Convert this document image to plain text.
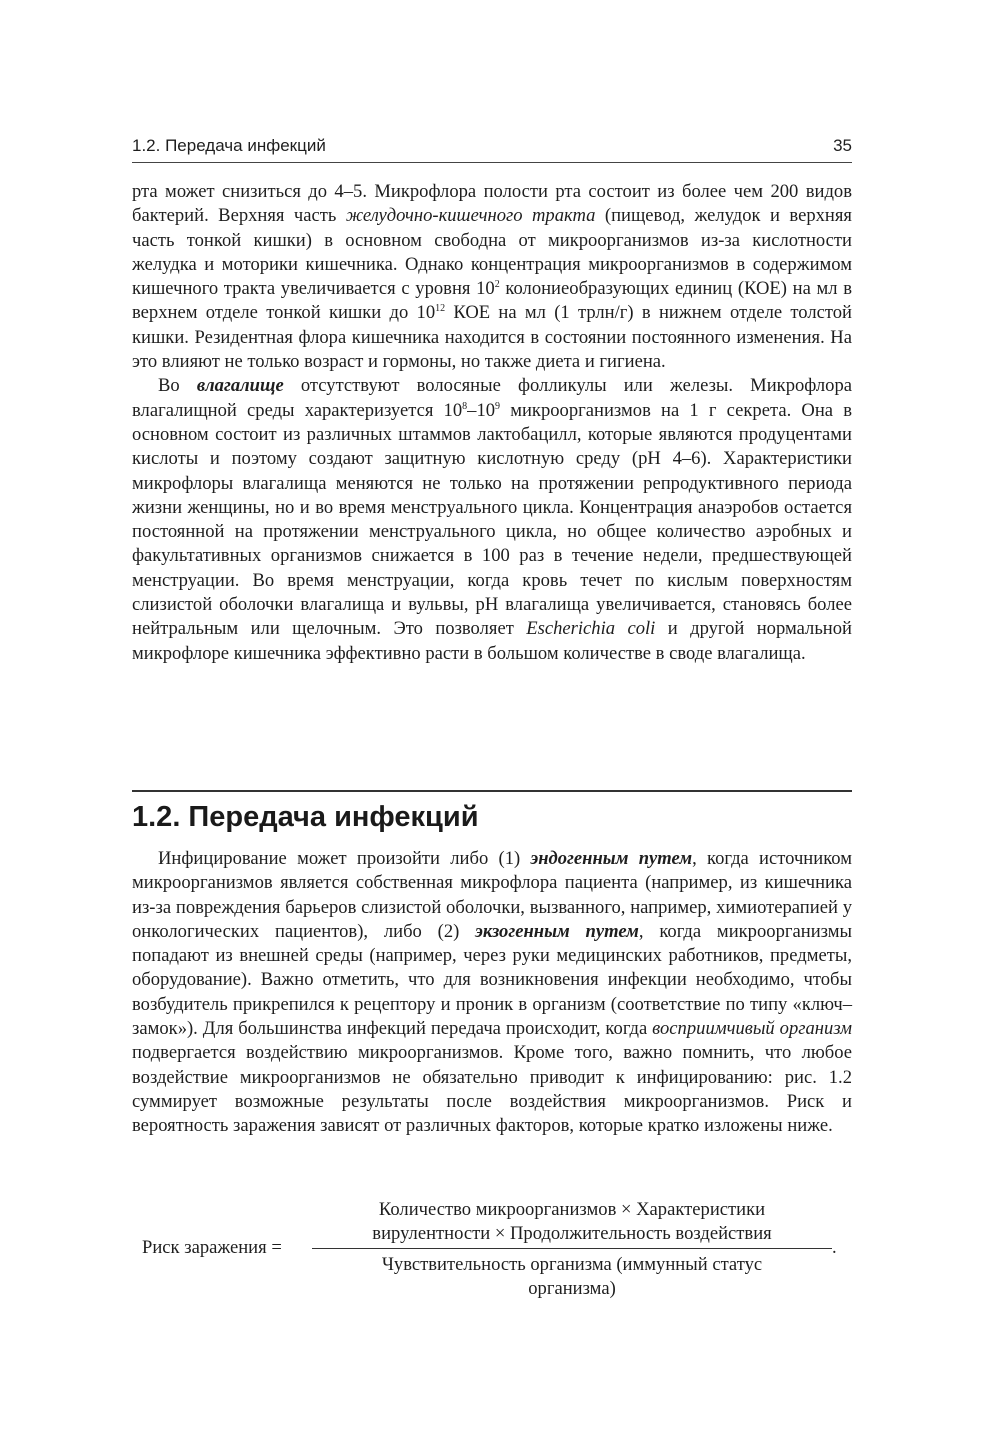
1.2. Передача инфекций	35

рта может снизиться до 4–5. Микрофлора полости рта состоит из более чем 200 видов бактерий. Верхняя часть желудочно-кишечного тракта (пищевод, желудок и верхняя часть тонкой кишки) в основном свободна от микроорганизмов из-за кислотности желудка и моторики кишечника. Однако концентрация микроорганизмов в содержимом кишечного тракта увеличивается с уровня $10^2$ колониеобразующих единиц (КОЕ) на мл в верхнем отделе тонкой кишки до $10^{12}$ КОЕ на мл (1 трлн/г) в нижнем отделе толстой кишки. Резидентная флора кишечника находится в состоянии постоянного изменения. На это влияют не только возраст и гормоны, но также диета и гигиена.

Во влагалище отсутствуют волосяные фолликулы или железы. Микрофлора влагалищной среды характеризуется $10^8-10^9$ микроорганизмов на 1 г секрета. Она в основном состоит из различных штаммов лактобацилл, которые являются продуцентами кислоты и поэтому создают защитную кислотную среду (pH 4–6). Характеристики микрофлоры влагалища меняются не только на протяжении репродуктивного периода жизни женщины, но и во время менструального цикла. Концентрация анаэробов остается постоянной на протяжении менструального цикла, но общее количество аэробных и факультативных организмов снижается в 100 раз в течение недели, предшествующей менструации. Во время менструации, когда кровь течет по кислым поверхностям слизистой оболочки влагалища и вульвы, pH влагалища увеличивается, становясь более нейтральным или щелочным. Это позволяет Escherichia coli и другой нормальной микрофлоре кишечника эффективно расти в большом количестве в своде влагалища.

1.2. Передача инфекций

Инфицирование может произойти либо (1) эндогенным путем, когда источником микроорганизмов является собственная микрофлора пациента (например, из кишечника из-за повреждения барьеров слизистой оболочки, вызванного, например, химиотерапией у онкологических пациентов), либо (2) экзогенным путем, когда микроорганизмы попадают из внешней среды (например, через руки медицинских работников, предметы, оборудование). Важно отметить, что для возникновения инфекции необходимо, чтобы возбудитель прикрепился к рецептору и проник в организм (соответствие по типу «ключ–замок»). Для большинства инфекций передача происходит, когда восприимчивый организм подвергается воздействию микроорганизмов. Кроме того, важно помнить, что любое воздействие микроорганизмов не обязательно приводит к инфицированию: рис. 1.2 суммирует возможные результаты после воздействия микроорганизмов. Риск и вероятность заражения зависят от различных факторов, которые кратко изложены ниже.

Риск заражения =
Количество микроорганизмов × Характеристики
вирулентности × Продолжительность воздействия
Чувствительность организма (иммунный статус
организма)
.
